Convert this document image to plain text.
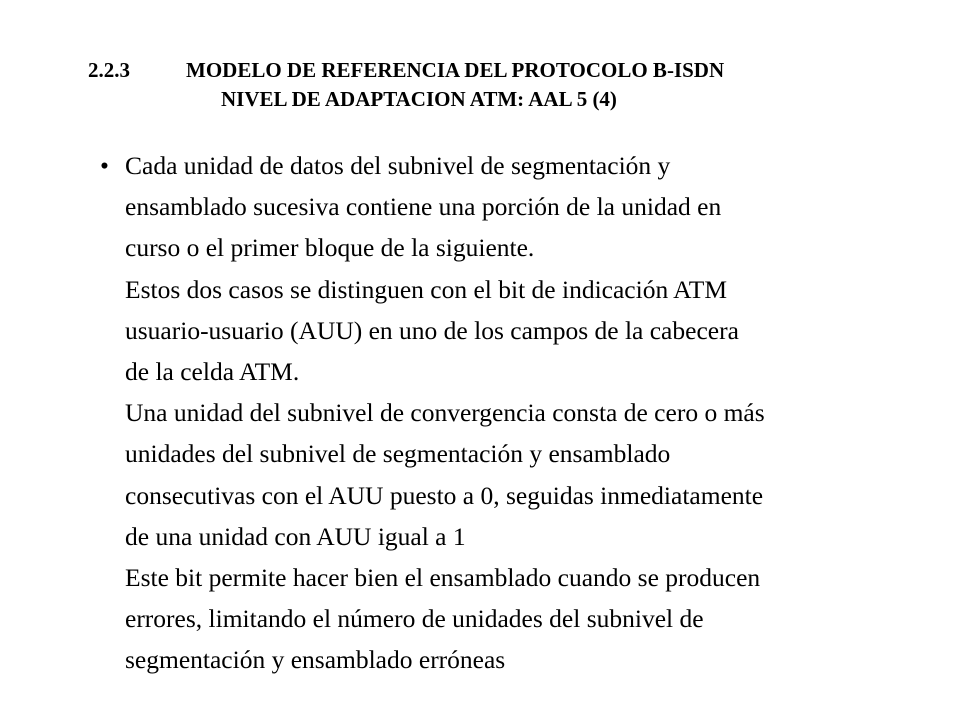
2.2.3	MODELO DE REFERENCIA DEL PROTOCOLO B-ISDN
NIVEL DE ADAPTACION ATM: AAL 5 (4)
• Cada unidad de datos del subnivel de segmentación y
ensamblado sucesiva contiene una porción de la unidad en
curso o el primer bloque de la siguiente.
Estos dos casos se distinguen con el bit de indicación ATM
usuario-usuario (AUU) en uno de los campos de la cabecera
de la celda ATM.
Una unidad del subnivel de convergencia consta de cero o más
unidades del subnivel de segmentación y ensamblado
consecutivas con el AUU puesto a 0, seguidas inmediatamente
de una unidad con AUU igual a 1
Este bit permite hacer bien el ensamblado cuando se producen
errores, limitando el número de unidades del subnivel de
segmentación y ensamblado erróneas
